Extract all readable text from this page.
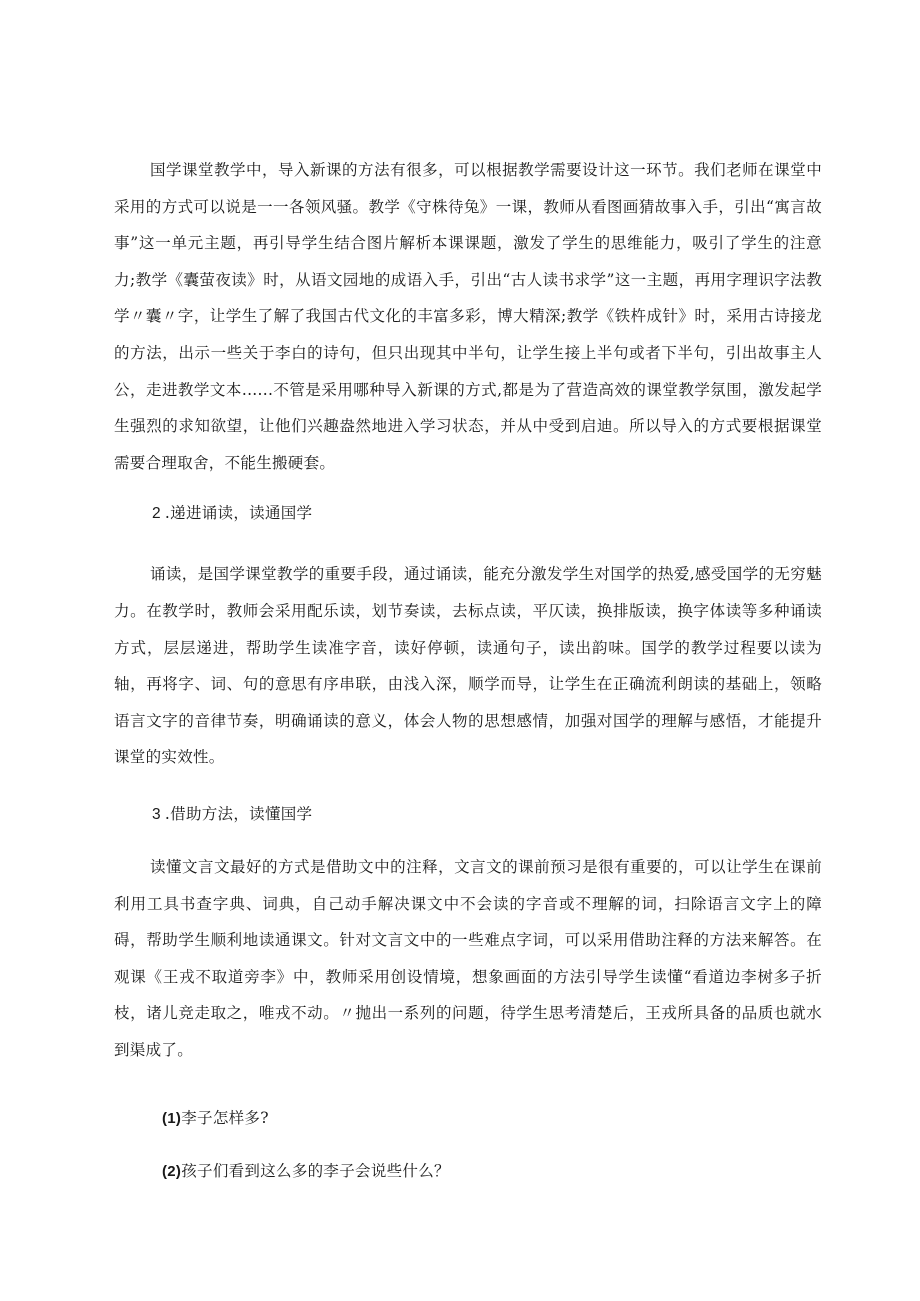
国学课堂教学中，导入新课的方法有很多，可以根据教学需要设计这一环节。我们老师在课堂中采用的方式可以说是一一各领风骚。教学《守株待兔》一课，教师从看图画猜故事入手，引出“寓言故事”这一单元主题，再引导学生结合图片解析本课课题，激发了学生的思维能力，吸引了学生的注意力;教学《囊萤夜读》时，从语文园地的成语入手，引出“古人读书求学”这一主题，再用字理识字法教学〃囊〃字，让学生了解了我国古代文化的丰富多彩，博大精深;教学《铁杵成针》时，采用古诗接龙的方法，出示一些关于李白的诗句，但只出现其中半句，让学生接上半句或者下半句，引出故事主人公，走进教学文本......不管是采用哪种导入新课的方式,都是为了营造高效的课堂教学氛围，激发起学生强烈的求知欲望，让他们兴趣盎然地进入学习状态，并从中受到启迪。所以导入的方式要根据课堂需要合理取舍，不能生搬硬套。

2 .递进诵读，读通国学

诵读，是国学课堂教学的重要手段，通过诵读，能充分激发学生对国学的热爱,感受国学的无穷魅力。在教学时，教师会采用配乐读，划节奏读，去标点读，平仄读，换排版读，换字体读等多种诵读方式，层层递进，帮助学生读准字音，读好停顿，读通句子，读出韵味。国学的教学过程要以读为轴，再将字、词、句的意思有序串联，由浅入深，顺学而导，让学生在正确流利朗读的基础上，领略语言文字的音律节奏，明确诵读的意义，体会人物的思想感情，加强对国学的理解与感悟，才能提升课堂的实效性。

3 .借助方法，读懂国学

读懂文言文最好的方式是借助文中的注释，文言文的课前预习是很有重要的，可以让学生在课前利用工具书查字典、词典，自己动手解决课文中不会读的字音或不理解的词，扫除语言文字上的障碍，帮助学生顺利地读通课文。针对文言文中的一些难点字词，可以采用借助注释的方法来解答。在观课《王戎不取道旁李》中，教师采用创设情境，想象画面的方法引导学生读懂“看道边李树多子折枝，诸儿竞走取之，唯戎不动。〃抛出一系列的问题，待学生思考清楚后，王戎所具备的品质也就水到渠成了。

(1)李子怎样多?

(2)孩子们看到这么多的李子会说些什么？
